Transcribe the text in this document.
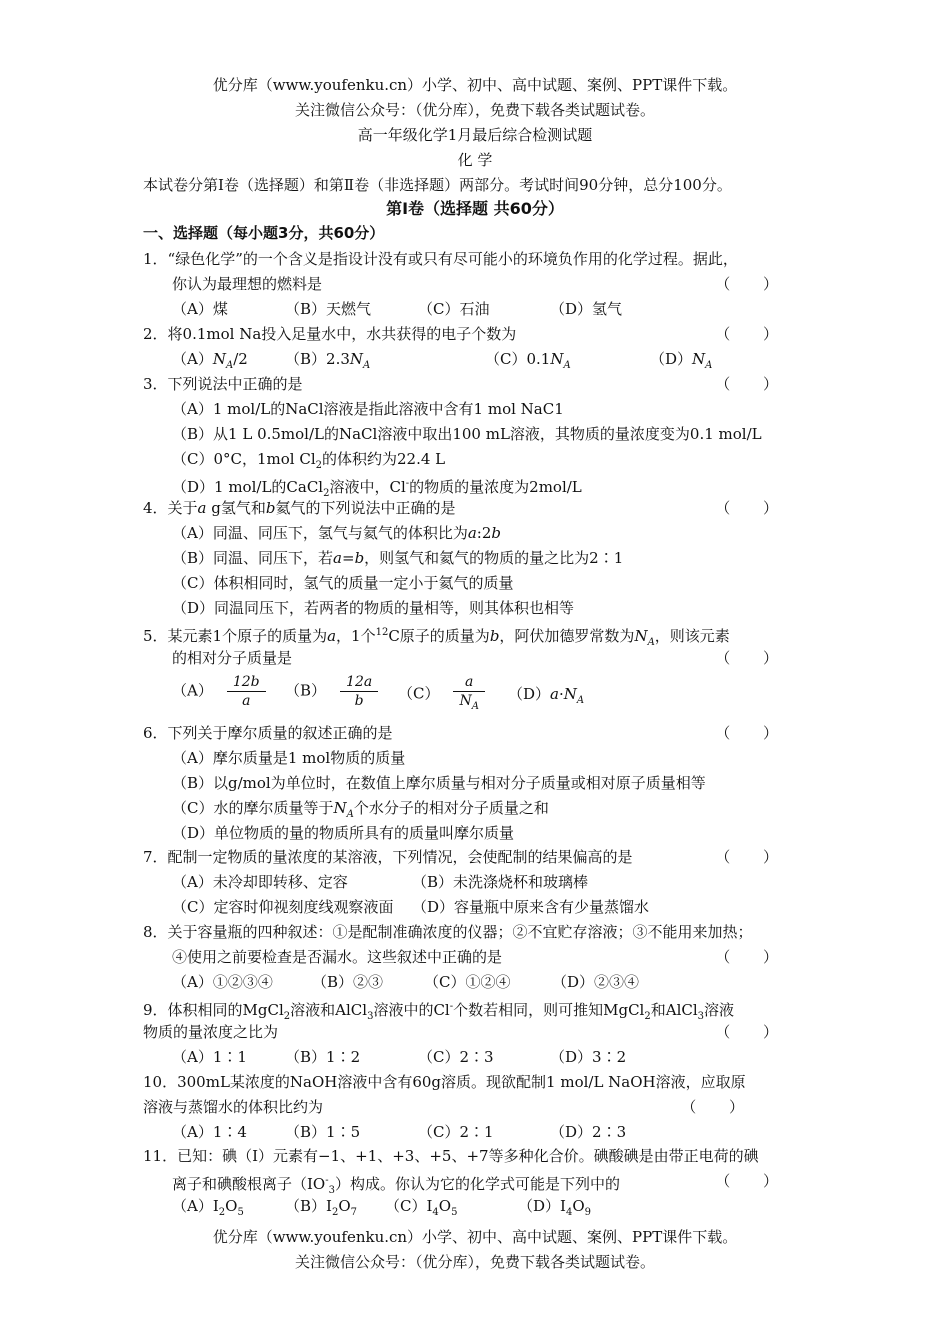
优分库（www.youfenku.cn）小学、初中、高中试题、案例、PPT课件下载。
关注微信公众号：（优分库），免费下载各类试题试卷。
高一年级化学1月最后综合检测试题
化 学
本试卷分第Ⅰ卷（选择题）和第Ⅱ卷（非选择题）两部分。考试时间90分钟，总分100分。
第Ⅰ卷（选择题 共60分）
一、选择题（每小题3分，共60分）
1．“绿色化学”的一个含义是指设计没有或只有尽可能小的环境负作用的化学过程。据此，
你认为最理想的燃料是	（ ）
（A）煤	（B）天燃气	（C）石油	（D）氢气
2．将0.1mol Na投入足量水中，水共获得的电子个数为	（ ）
$(A)N_A/2$ $(B)2.3N_A$	$(C)0.1N_A$	$(D)N_A$
3．下列说法中正确的是	（ ）
（A）1 mol/L的NaCl溶液是指此溶液中含有1 mol NaC1
（B）从1 L 0.5mol/L的NaCl溶液中取出100 mL溶液，其物质的量浓度变为0.1 mol/L
（C）0°C，1mol $Cl_2$的体积约为22.4 L
（D）1 mol/L的CaCl$_2$溶液中，Cl-的物质的量浓度为2mol/L
4．关于a g氢气和b氦气的下列说法中正确的是	（ ）
（A）同温、同压下，氢气与氦气的体积比为a:2b
（B）同温、同压下，若a=b，则氢气和氦气的物质的量之比为2∶1
（C）体积相同时，氢气的质量一定小于氦气的质量
（D）同温同压下，若两者的物质的量相等，则其体积也相等
5．某元素1个原子的质量为a，1个$^{12}$C原子的质量为b，阿伏加德罗常数为$N_A$，则该元素
的相对分子质量是	（ ）
$(A) \frac{12b}{a} (B) \frac{12a}{b} (C) \frac{a}{N_A} (D)a\cdot N_A$
6．下列关于摩尔质量的叙述正确的是	（ ）
（A）摩尔质量是1 mol物质的质量
（B）以g/mol为单位时，在数值上摩尔质量与相对分子质量或相对原子质量相等
（C）水的摩尔质量等于$N_A$个水分子的相对分子质量之和
（D）单位物质的量的物质所具有的质量叫摩尔质量
7．配制一定物质的量浓度的某溶液，下列情况，会使配制的结果偏高的是	（ ）
（A）未冷却即转移、定容	（B）未洗涤烧杯和玻璃棒
（C）定容时仰视刻度线观察液面 （D）容量瓶中原来含有少量蒸馏水
8．关于容量瓶的四种叙述：①是配制准确浓度的仪器；②不宜贮存溶液；③不能用来加热；
④使用之前要检查是否漏水。这些叙述中正确的是	（ ）
（A）①②③④	（B）②③	（C）①②④	（D）②③④
9．体积相同的MgCl$_2$溶液和AlCl$_3$溶液中的Cl-个数若相同，则可推知MgCl$_2$和AlCl$_3$溶液
物质的量浓度之比为	（ ）
（A）1∶1	（B）1∶2	（C）2∶3	（D）3∶2
10．300mL某浓度的NaOH溶液中含有60g溶质。现欲配制1 mol/L NaOH溶液，应取原
溶液与蒸馏水的体积比约为	（ ）
（A）1∶4	（B）1∶5	（C）2∶1	（D）2∶3
11．已知：碘（I）元素有−1、+1、+3、+5、+7等多种化合价。碘酸碘是由带正电荷的碘
离子和碘酸根离子$(IO^-_3)$构成。你认为它的化学式可能是下列中的	（ ）
$(A)I_2O_5$	$(B)I_2O_7$ $(C)I_4O_5$	$(D)I_4O_9$
优分库（www.youfenku.cn）小学、初中、高中试题、案例、PPT课件下载。
关注微信公众号：（优分库），免费下载各类试题试卷。
